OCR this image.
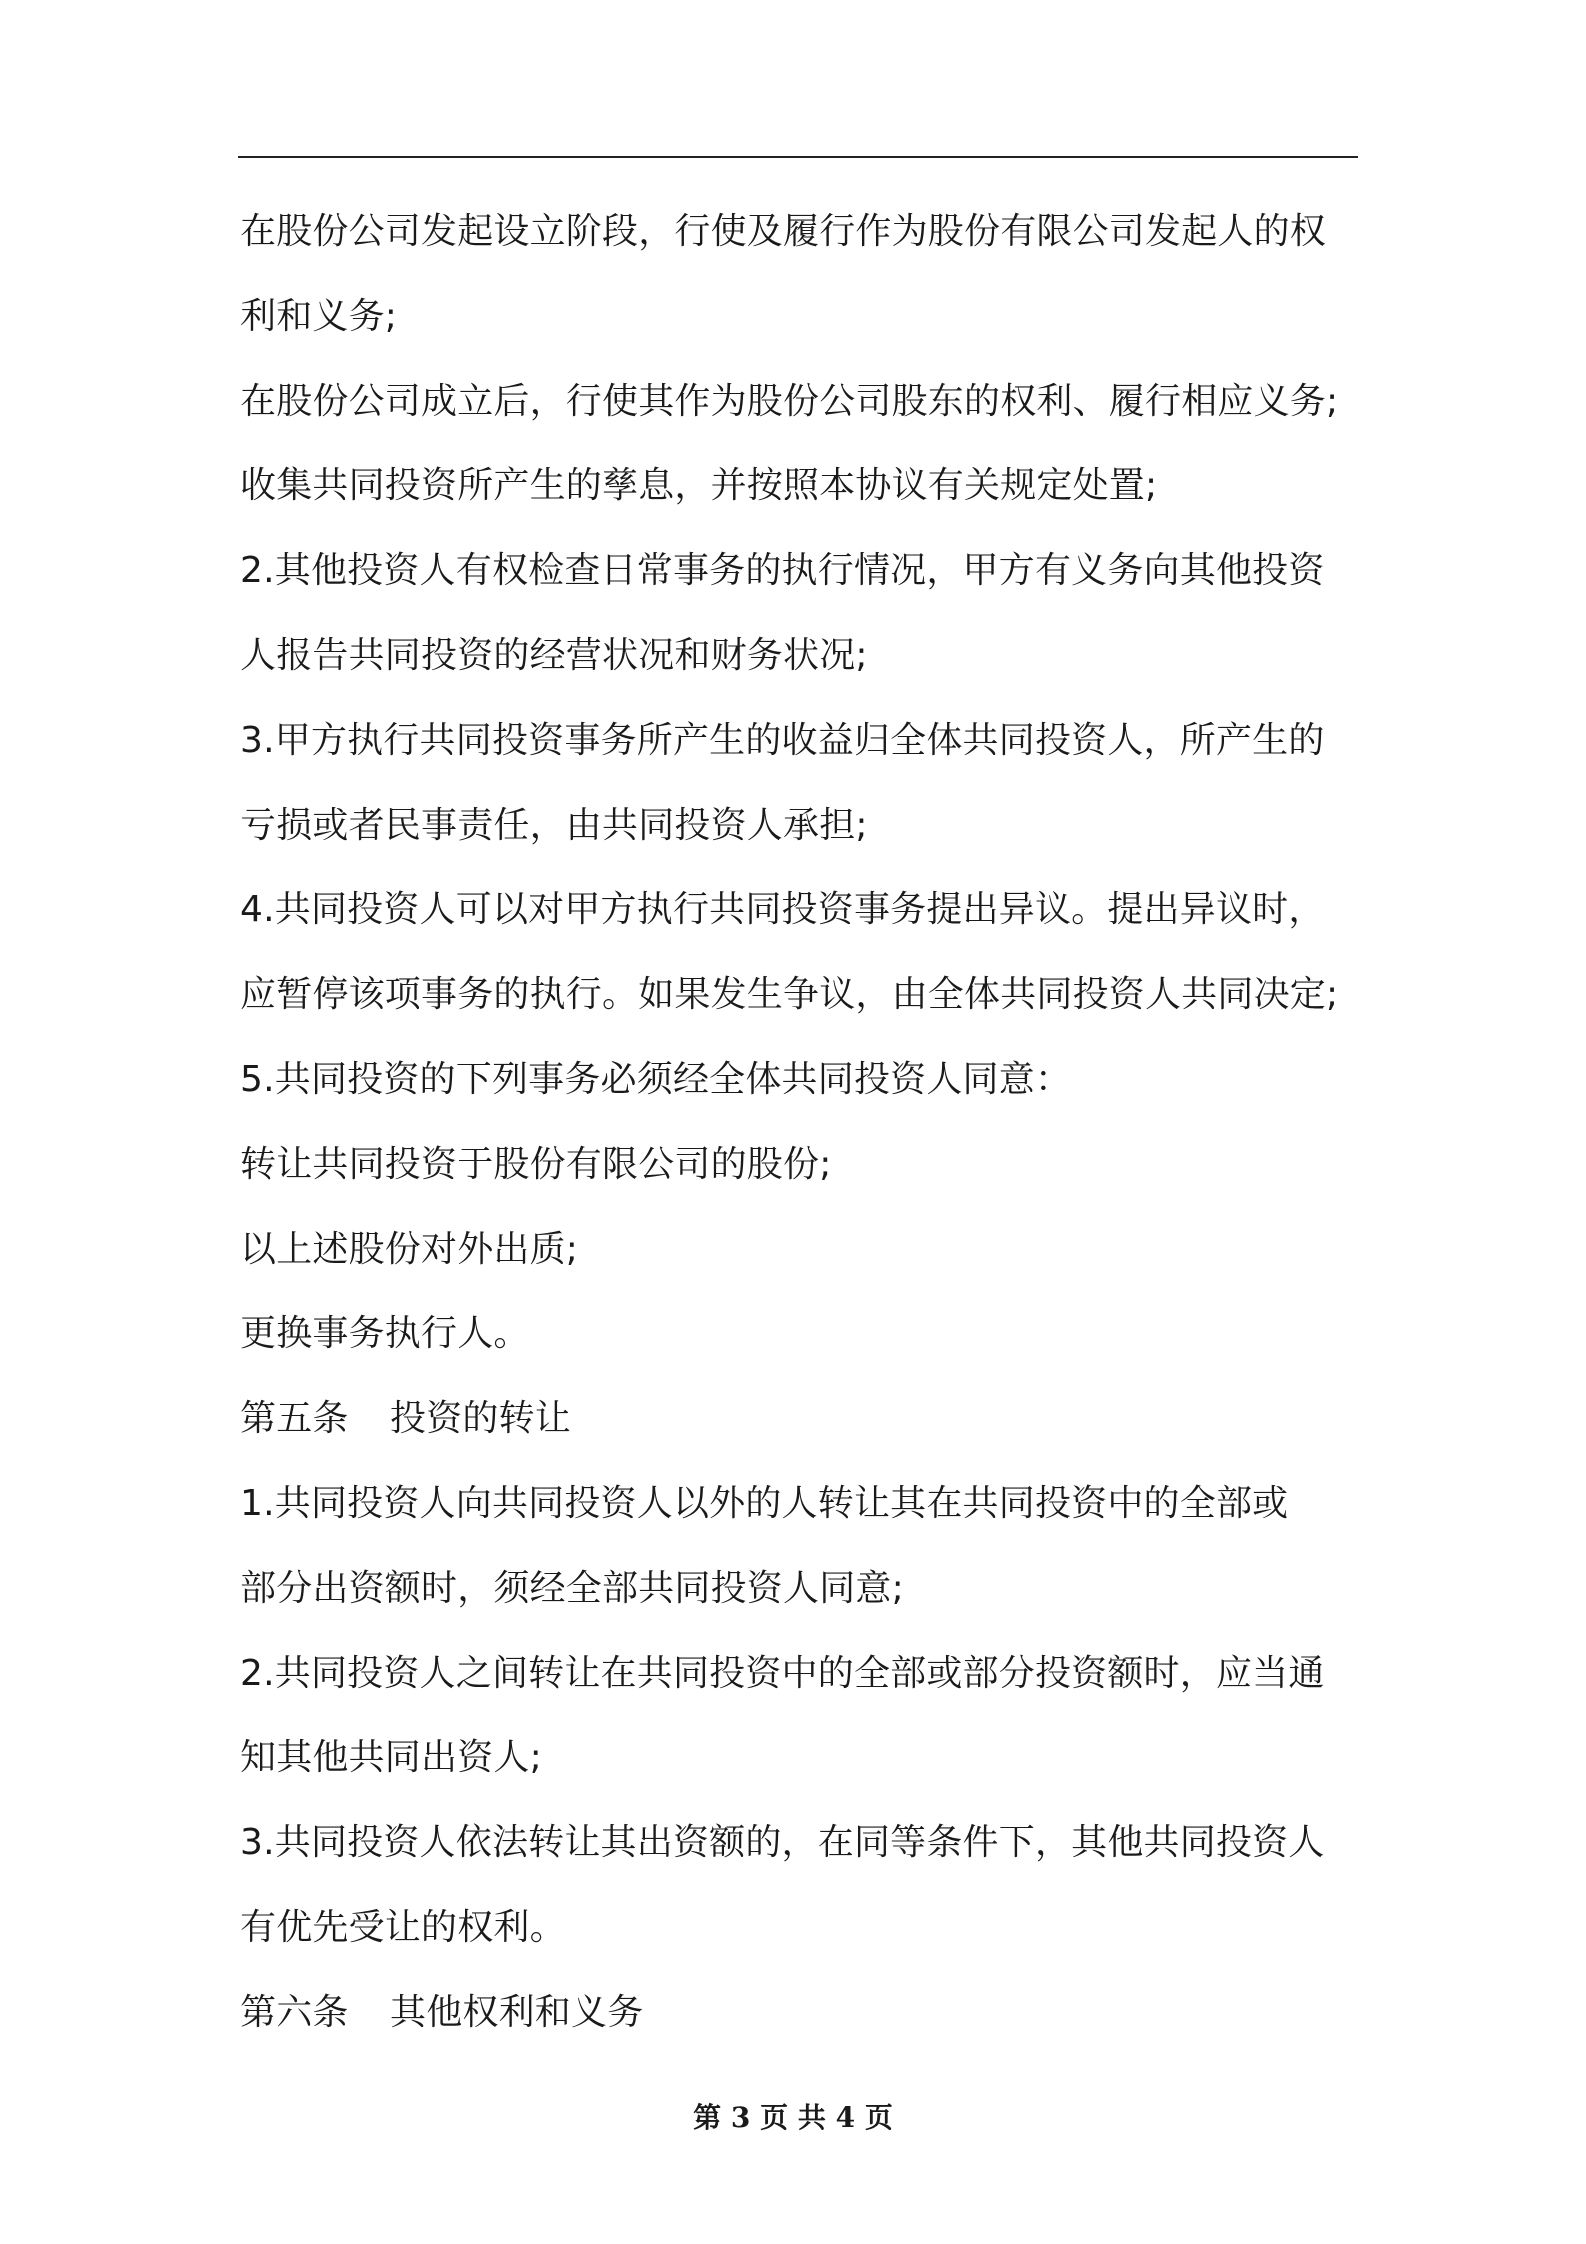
在股份公司发起设立阶段，行使及履行作为股份有限公司发起人的权
利和义务;
在股份公司成立后，行使其作为股份公司股东的权利、履行相应义务;
收集共同投资所产生的孳息，并按照本协议有关规定处置;
2.其他投资人有权检查日常事务的执行情况，甲方有义务向其他投资
人报告共同投资的经营状况和财务状况;
3.甲方执行共同投资事务所产生的收益归全体共同投资人，所产生的
亏损或者民事责任，由共同投资人承担;
4.共同投资人可以对甲方执行共同投资事务提出异议。提出异议时，
应暂停该项事务的执行。如果发生争议，由全体共同投资人共同决定;
5.共同投资的下列事务必须经全体共同投资人同意：
转让共同投资于股份有限公司的股份;
以上述股份对外出质;
更换事务执行人。
第五条 投资的转让
1.共同投资人向共同投资人以外的人转让其在共同投资中的全部或
部分出资额时，须经全部共同投资人同意;
2.共同投资人之间转让在共同投资中的全部或部分投资额时，应当通
知其他共同出资人;
3.共同投资人依法转让其出资额的，在同等条件下，其他共同投资人
有优先受让的权利。
第六条 其他权利和义务
第 3 页 共 4 页
